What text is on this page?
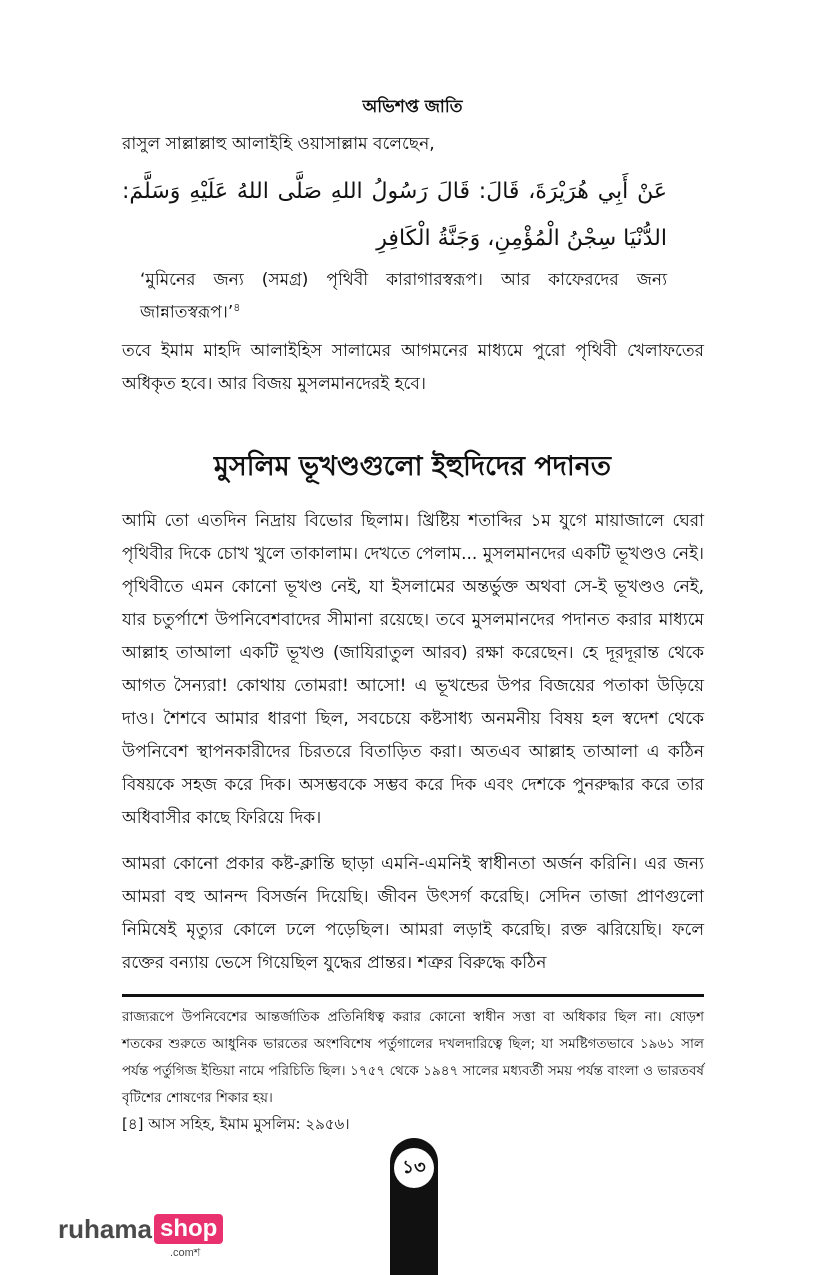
অভিশপ্ত জাতি
রাসুল সাল্লাল্লাহু আলাইহি ওয়াসাল্লাম বলেছেন,
عَنْ أَبِي هُرَيْرَةَ، قَالَ: قَالَ رَسُولُ اللهِ صَلَّى اللهُ عَلَيْهِ وَسَلَّمَ: الدُّنْيَا سِجْنُ الْمُؤْمِنِ، وَجَنَّةُ الْكَافِرِ
‘মুমিনের জন্য (সমগ্র) পৃথিবী কারাগারস্বরূপ। আর কাফেরদের জন্য জান্নাতস্বরূপ।’$^৪$
তবে ইমাম মাহদি আলাইহিস সালামের আগমনের মাধ্যমে পুরো পৃথিবী খেলাফতের অধিকৃত হবে। আর বিজয় মুসলমানদেরই হবে।
মুসলিম ভূখণ্ডগুলো ইহুদিদের পদানত
আমি তো এতদিন নিদ্রায় বিভোর ছিলাম। খ্রিষ্টিয় শতাব্দির ১ম যুগে মায়াজালে ঘেরা পৃথিবীর দিকে চোখ খুলে তাকালাম। দেখতে পেলাম... মুসলমানদের একটি ভূখণ্ডও নেই। পৃথিবীতে এমন কোনো ভূখণ্ড নেই, যা ইসলামের অন্তর্ভুক্ত অথবা সে-ই ভূখণ্ডও নেই, যার চতুর্পাশে উপনিবেশবাদের সীমানা রয়েছে। তবে মুসলমানদের পদানত করার মাধ্যমে আল্লাহ তাআলা একটি ভূখণ্ড (জাযিরাতুল আরব) রক্ষা করেছেন। হে দূরদূরান্ত থেকে আগত সৈন্যরা! কোথায় তোমরা! আসো! এ ভূখন্ডের উপর বিজয়ের পতাকা উড়িয়ে দাও। শৈশবে আমার ধারণা ছিল, সবচেয়ে কষ্টসাধ্য অনমনীয় বিষয় হল স্বদেশ থেকে উপনিবেশ স্থাপনকারীদের চিরতরে বিতাড়িত করা। অতএব আল্লাহ তাআলা এ কঠিন বিষয়কে সহজ করে দিক। অসম্ভবকে সম্ভব করে দিক এবং দেশকে পুনরুদ্ধার করে তার অধিবাসীর কাছে ফিরিয়ে দিক।
আমরা কোনো প্রকার কষ্ট-ক্লান্তি ছাড়া এমনি-এমনিই স্বাধীনতা অর্জন করিনি। এর জন্য আমরা বহু আনন্দ বিসর্জন দিয়েছি। জীবন উৎসর্গ করেছি। সেদিন তাজা প্রাণগুলো নিমিষেই মৃত্যুর কোলে ঢলে পড়েছিল। আমরা লড়াই করেছি। রক্ত ঝরিয়েছি। ফলে রক্তের বন্যায় ভেসে গিয়েছিল যুদ্ধের প্রান্তর। শত্রুর বিরুদ্ধে কঠিন
রাজ্যরূপে উপনিবেশের আন্তর্জাতিক প্রতিনিধিত্ব করার কোনো স্বাধীন সত্তা বা অধিকার ছিল না। ষোড়শ শতকের শুরুতে আধুনিক ভারতের অংশবিশেষ পর্তুগালের দখলদারিত্বে ছিল; যা সমষ্টিগতভাবে ১৯৬১ সাল পর্যন্ত পর্তুগিজ ইন্ডিয়া নামে পরিচিতি ছিল। ১৭৫৭ থেকে ১৯৪৭ সালের মধ্যবর্তী সময় পর্যন্ত বাংলা ও ভারতবর্ষ বৃটিশের শোষণের শিকার হয়।
[৪] আস সহিহ, ইমাম মুসলিম: ২৯৫৬।
১৩
ruhama shop
.comশ
